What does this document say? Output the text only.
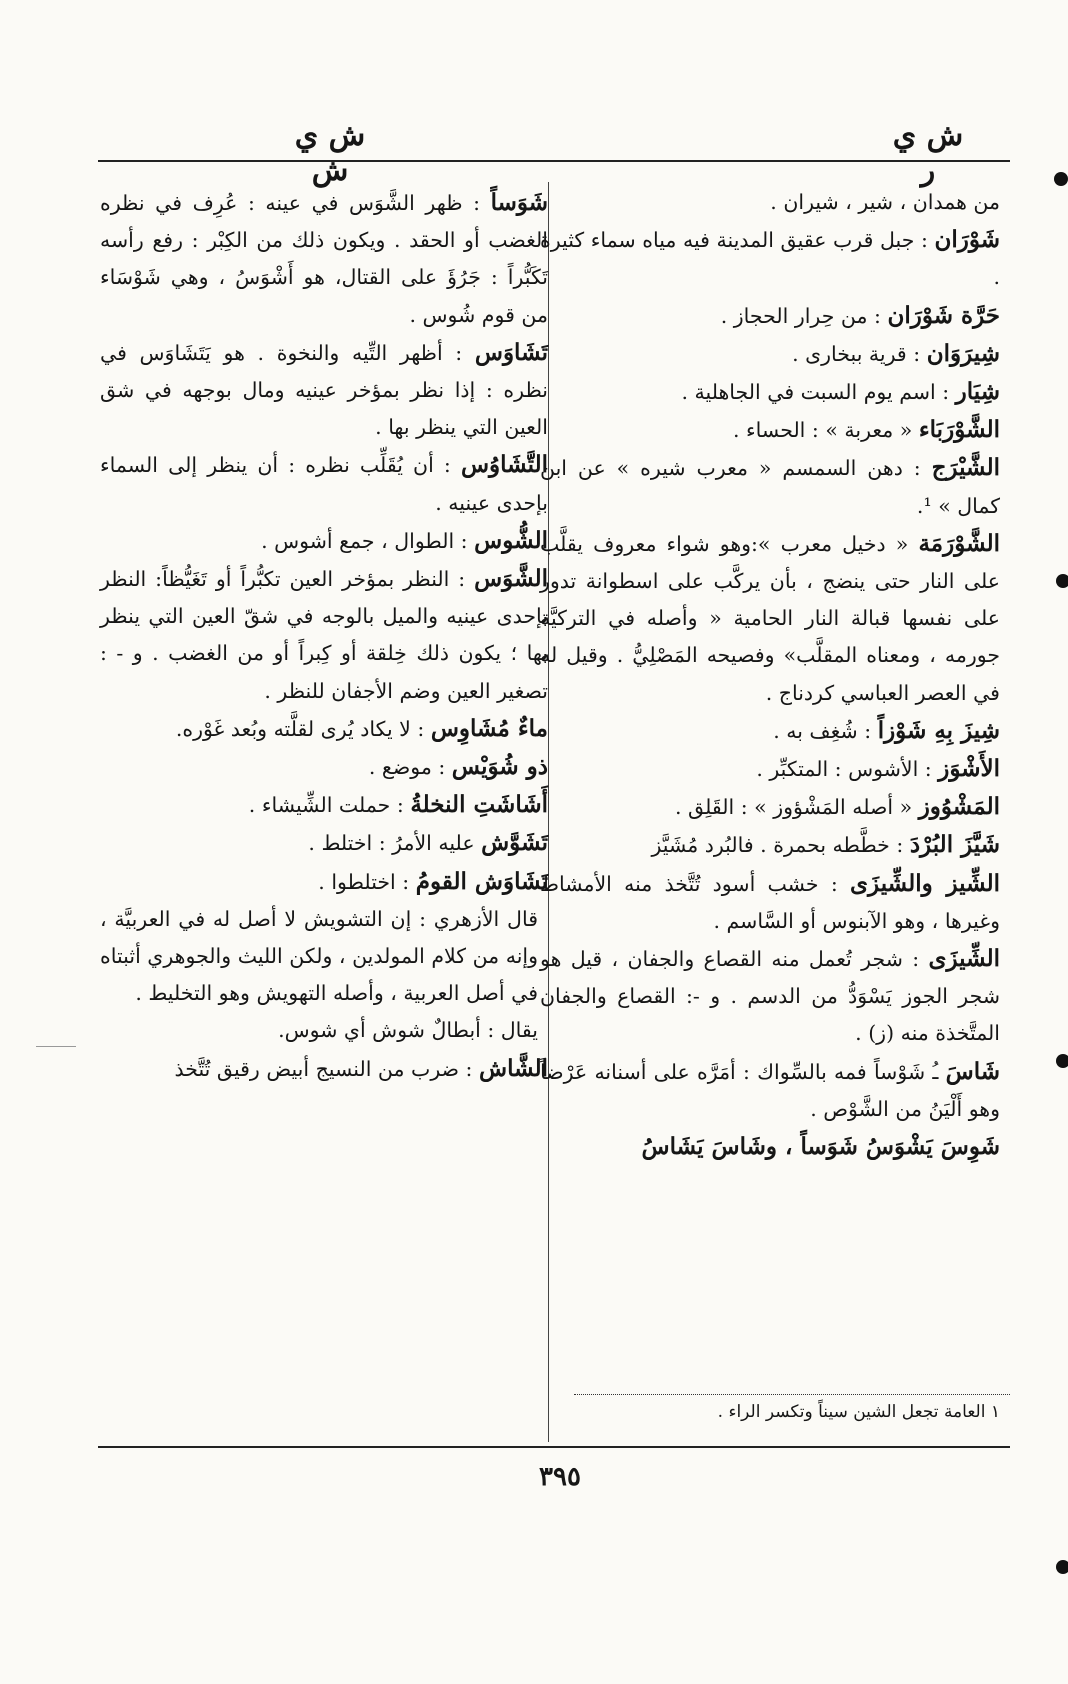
ش ي ر
ش ي ش

من همدان ، شير ، شيران .

شَوْرَان : جبل قرب عقيق المدينة فيه مياه سماء كثيرة .

حَرَّة شَوْرَان : من حِرار الحجاز .

شِيرَوَان : قرية ببخارى .

شِيَار : اسم يوم السبت في الجاهلية .

الشَّوْرَبَاء « معربة » : الحساء .

الشَّيْرَج : دهن السمسم « معرب شيره » عن ابن كمال » ¹.

الشَّوْرَمَة « دخيل معرب »:وهو شواء معروف يقلَّب على النار حتى ينضج ، بأن يركَّب على اسطوانة تدور على نفسها قبالة النار الحامية « وأصله في التركيَّة جورمه ، ومعناه المقلَّب» وفصيحه المَصْلِيُّ . وقيل له في العصر العباسي كردناج .

شِيزَ بِهِ شَوْزاً : شُغِف به .

الأَشْوَز : الأشوس : المتكبِّر .

المَشْوُوز « أصله المَشْؤوز » : القَلِق .

شَيَّزَ البُرْدَ : خطَّطه بحمرة . فالبُرد مُشَيَّز

الشِّيز والشِّيزَى : خشب أسود تُتَّخذ منه الأمشاط وغيرها ، وهو الآبنوس أو السَّاسم .

الشِّيزَى : شجر تُعمل منه القصاع والجفان ، قيل هو شجر الجوز يَسْوَدُّ من الدسم . و -: القصاع والجفان المتَّخذة منه (ز) .

شَاسَ ـُ شَوْساً فمه بالسِّواك : أمَرَّه على أسنانه عَرْضاً وهو أَلْيَنُ من الشَّوْص .

شَوِسَ يَشْوَسُ شَوَساً ، وشَاسَ يَشَاسُ

شَوَساً : ظهر الشَّوَس في عينه : عُرِف في نظره الغضب أو الحقد . ويكون ذلك من الكِبْر : رفع رأسه تَكَبُّراً : جَرُؤَ على القتال، هو أَشْوَسُ ، وهي شَوْسَاء من قوم شُوس .

تَشَاوَس : أظهر التِّيه والنخوة . هو يَتَشَاوَس في نظره : إذا نظر بمؤخر عينيه ومال بوجهه في شق العين التي ينظر بها .

التَّشَاوُس : أن يُقَلِّب نظره : أن ينظر إلى السماء بإحدى عينيه .

الشُّوس : الطوال ، جمع أشوس .

الشَّوَس : النظر بمؤخر العين تكبُّراً أو تَغَيُّظاً: النظر بإحدى عينيه والميل بالوجه في شقّ العين التي ينظر بها ؛ يكون ذلك خِلقة أو كِبراً أو من الغضب . و - : تصغير العين وضم الأجفان للنظر .

ماءٌ مُشَاوِس : لا يكاد يُرى لقلَّته وبُعد غَوْره.

ذو شُوَيْس : موضع .

أَشَاشَتِ النخلةُ : حملت الشِّيشاء .

تَشَوَّش عليه الأمرُ : اختلط .

تَشَاوَش القومُ : اختلطوا .

قال الأزهري : إن التشويش لا أصل له في العربيَّة ، وإنه من كلام المولدين ، ولكن الليث والجوهري أثبتاه في أصل العربية ، وأصله التهويش وهو التخليط .

يقال : أبطالٌ شوش أي شوس.

الشَّاش : ضرب من النسيج أبيض رقيق تُتَّخذ

١ العامة تجعل الشين سيناً وتكسر الراء .
٣٩٥
